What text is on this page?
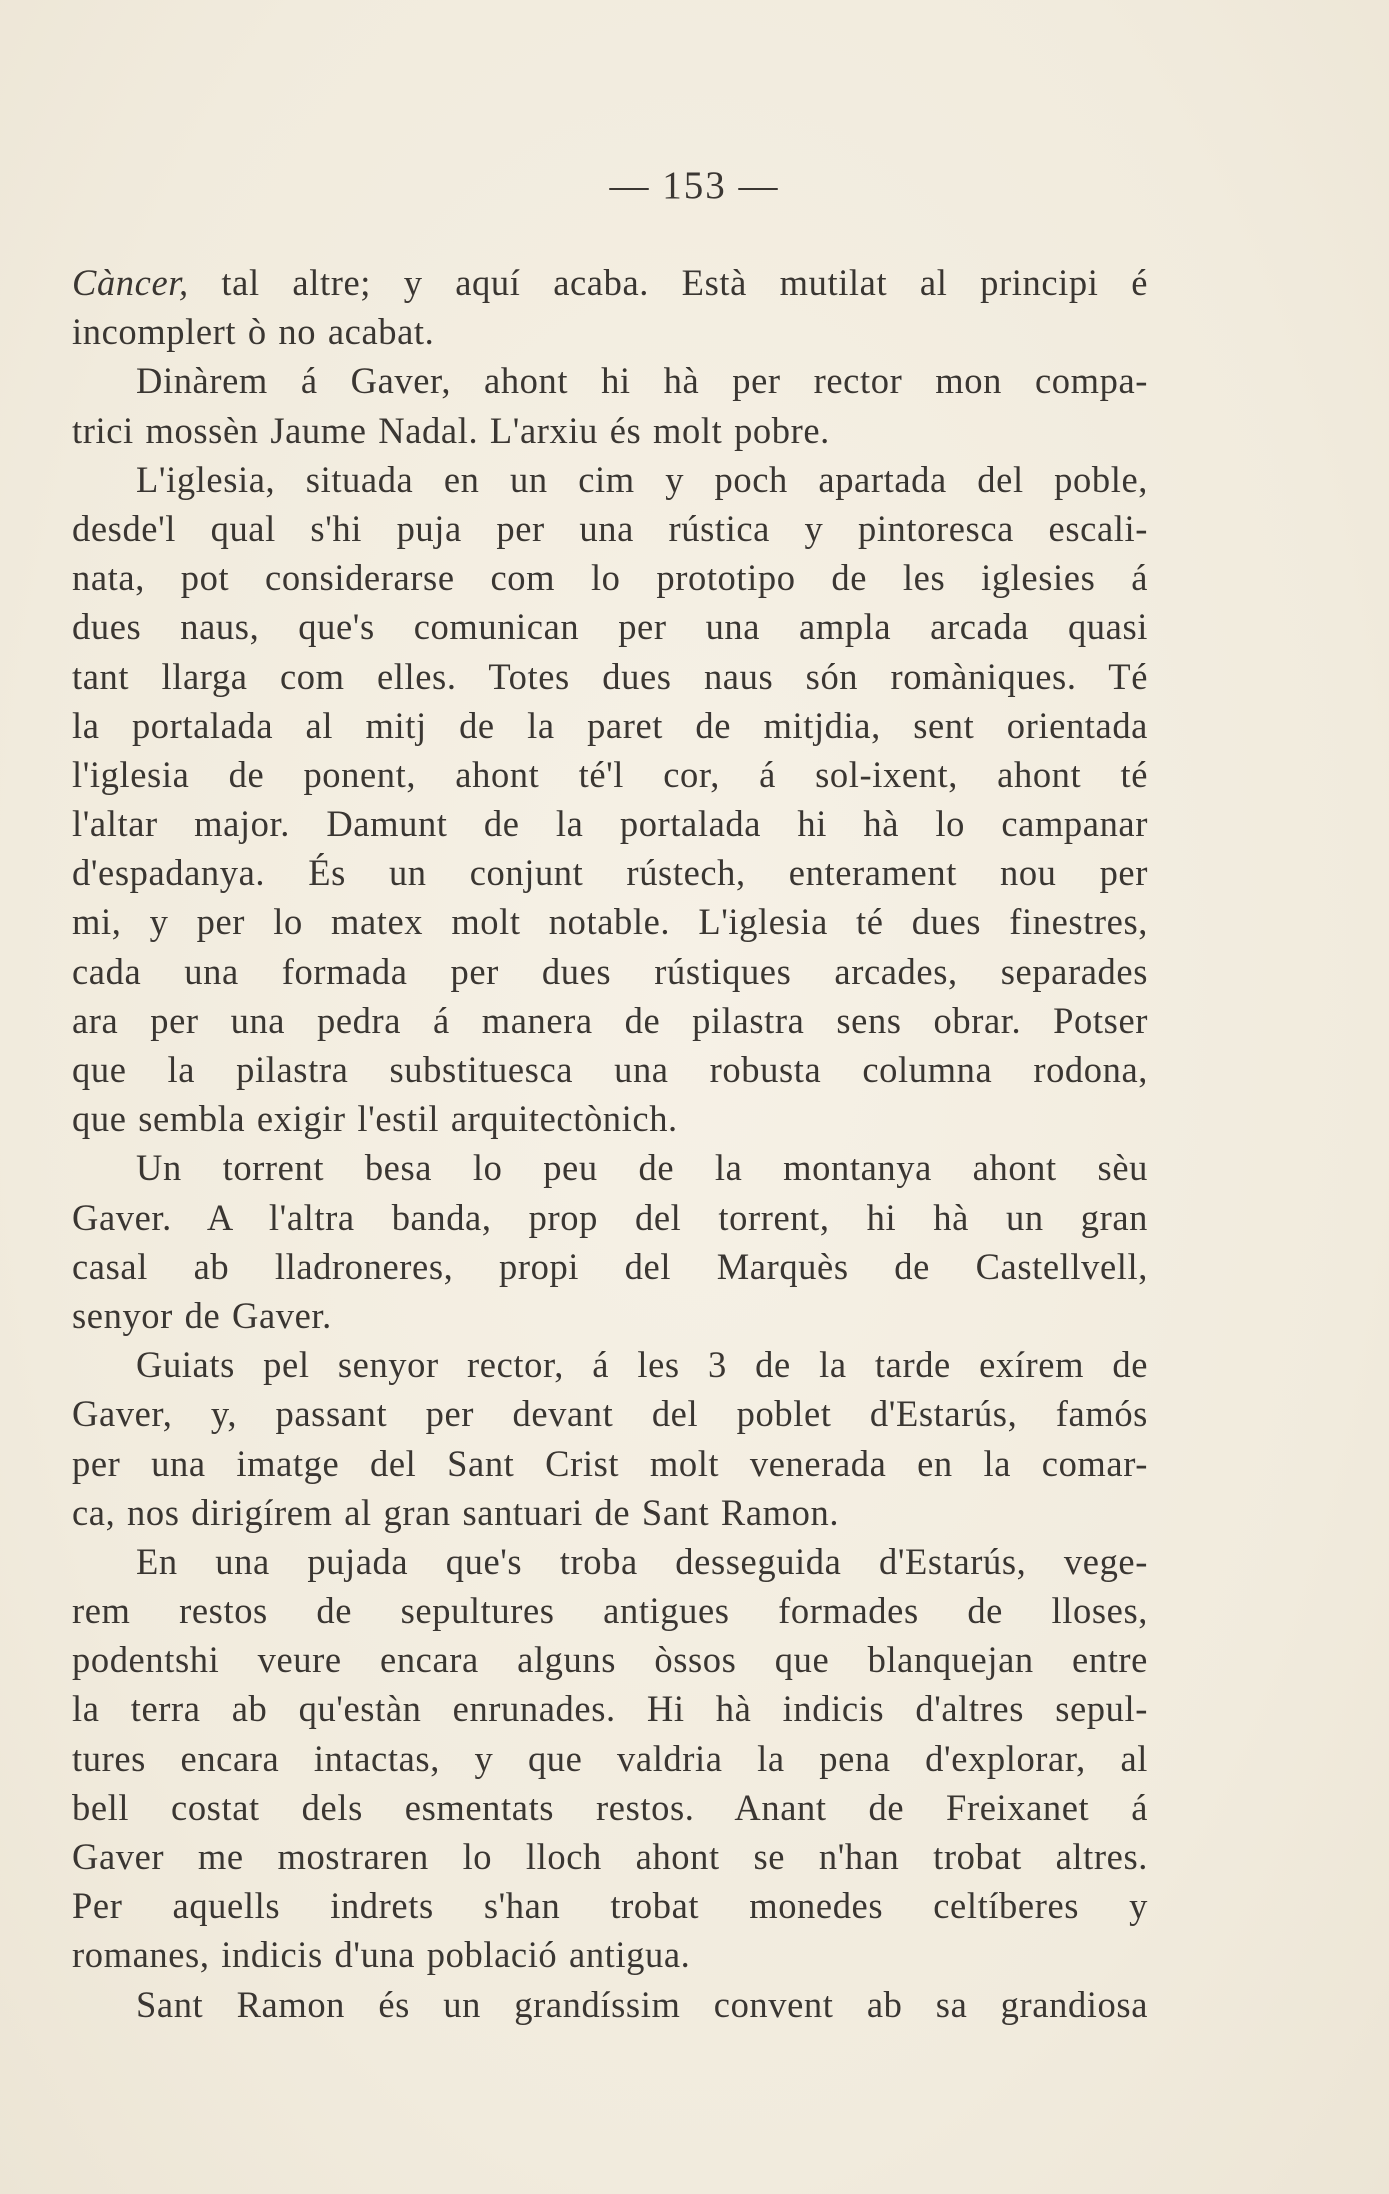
— 153 —
Càncer, tal altre; y aquí acaba. Està mutilat al principi é
incomplert ò no acabat.
Dinàrem á Gaver, ahont hi hà per rector mon compa-
trici mossèn Jaume Nadal. L'arxiu és molt pobre.
L'iglesia, situada en un cim y poch apartada del poble,
desde'l qual s'hi puja per una rústica y pintoresca escali-
nata, pot considerarse com lo prototipo de les iglesies á
dues naus, que's comunican per una ampla arcada quasi
tant llarga com elles. Totes dues naus són romàniques. Té
la portalada al mitj de la paret de mitjdia, sent orientada
l'iglesia de ponent, ahont té'l cor, á sol-ixent, ahont té
l'altar major. Damunt de la portalada hi hà lo campanar
d'espadanya. És un conjunt rústech, enterament nou per
mi, y per lo matex molt notable. L'iglesia té dues finestres,
cada una formada per dues rústiques arcades, separades
ara per una pedra á manera de pilastra sens obrar. Potser
que la pilastra substituesca una robusta columna rodona,
que sembla exigir l'estil arquitectònich.
Un torrent besa lo peu de la montanya ahont sèu
Gaver. A l'altra banda, prop del torrent, hi hà un gran
casal ab lladroneres, propi del Marquès de Castellvell,
senyor de Gaver.
Guiats pel senyor rector, á les 3 de la tarde exírem de
Gaver, y, passant per devant del poblet d'Estarús, famós
per una imatge del Sant Crist molt venerada en la comar-
ca, nos dirigírem al gran santuari de Sant Ramon.
En una pujada que's troba desseguida d'Estarús, vege-
rem restos de sepultures antigues formades de lloses,
podentshi veure encara alguns òssos que blanquejan entre
la terra ab qu'estàn enrunades. Hi hà indicis d'altres sepul-
tures encara intactas, y que valdria la pena d'explorar, al
bell costat dels esmentats restos. Anant de Freixanet á
Gaver me mostraren lo lloch ahont se n'han trobat altres.
Per aquells indrets s'han trobat monedes celtíberes y
romanes, indicis d'una població antigua.
Sant Ramon és un grandíssim convent ab sa grandiosa
